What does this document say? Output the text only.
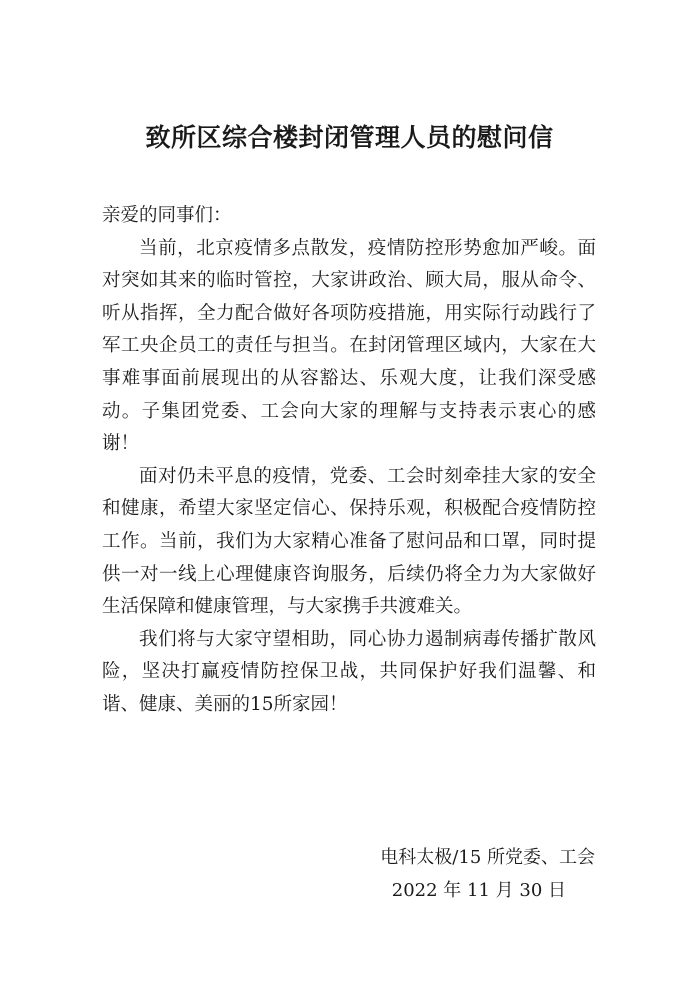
致所区综合楼封闭管理人员的慰问信

亲爱的同事们：

当前，北京疫情多点散发，疫情防控形势愈加严峻。面对突如其来的临时管控，大家讲政治、顾大局，服从命令、听从指挥，全力配合做好各项防疫措施，用实际行动践行了军工央企员工的责任与担当。在封闭管理区域内，大家在大事难事面前展现出的从容豁达、乐观大度，让我们深受感动。子集团党委、工会向大家的理解与支持表示衷心的感谢！

面对仍未平息的疫情，党委、工会时刻牵挂大家的安全和健康，希望大家坚定信心、保持乐观，积极配合疫情防控工作。当前，我们为大家精心准备了慰问品和口罩，同时提供一对一线上心理健康咨询服务，后续仍将全力为大家做好生活保障和健康管理，与大家携手共渡难关。

我们将与大家守望相助，同心协力遏制病毒传播扩散风险，坚决打赢疫情防控保卫战，共同保护好我们温馨、和谐、健康、美丽的15所家园！

电科太极/15 所党委、工会
2022 年 11 月 30 日
